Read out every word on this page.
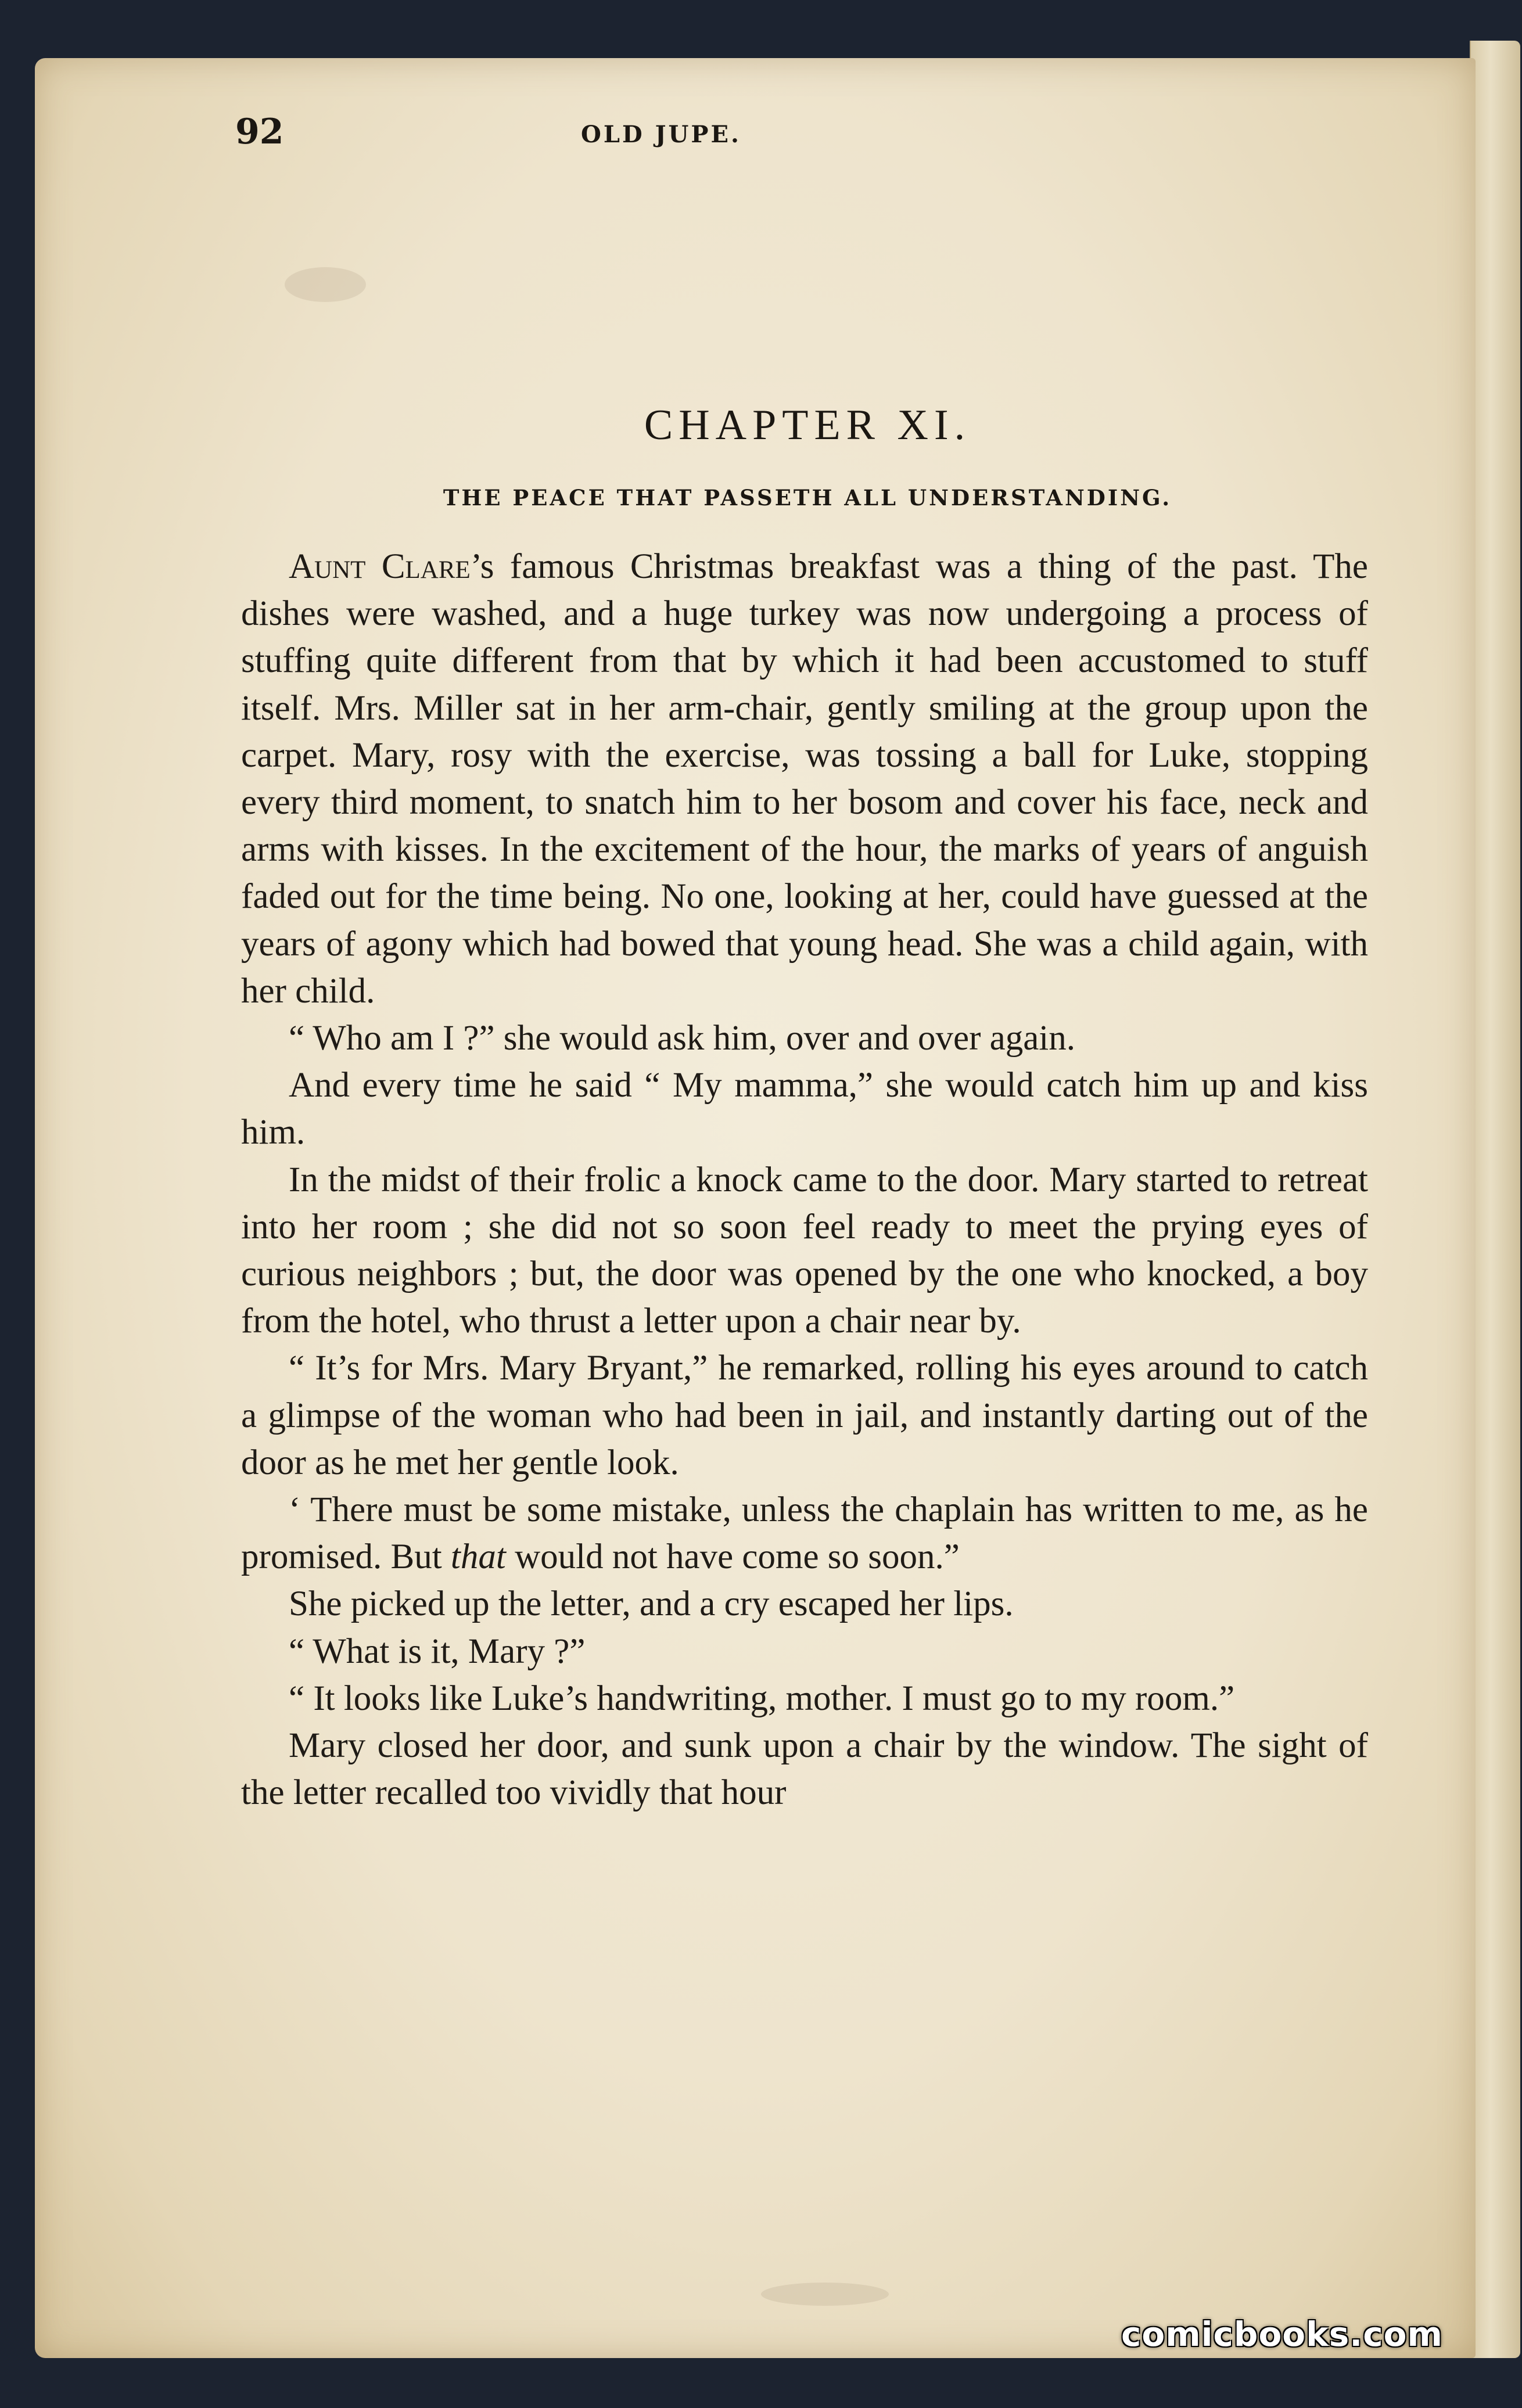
92	OLD JUPE.
CHAPTER XI.
THE PEACE THAT PASSETH ALL UNDERSTANDING.

Aunt Clare’s famous Christmas breakfast was a thing of the past. The dishes were washed, and a huge turkey was now undergoing a process of stuffing quite different from that by which it had been accustomed to stuff itself. Mrs. Miller sat in her arm-chair, gently smiling at the group upon the carpet. Mary, rosy with the exercise, was tossing a ball for Luke, stopping every third moment, to snatch him to her bosom and cover his face, neck and arms with kisses. In the excitement of the hour, the marks of years of anguish faded out for the time being. No one, looking at her, could have guessed at the years of agony which had bowed that young head. She was a child again, with her child.

“ Who am I ?” she would ask him, over and over again.

And every time he said “ My mamma,” she would catch him up and kiss him.

In the midst of their frolic a knock came to the door. Mary started to retreat into her room ; she did not so soon feel ready to meet the prying eyes of curious neighbors ; but, the door was opened by the one who knocked, a boy from the hotel, who thrust a letter upon a chair near by.

“ It’s for Mrs. Mary Bryant,” he remarked, rolling his eyes around to catch a glimpse of the woman who had been in jail, and instantly darting out of the door as he met her gentle look.

‘ There must be some mistake, unless the chaplain has written to me, as he promised. But that would not have come so soon.”

She picked up the letter, and a cry escaped her lips.

“ What is it, Mary ?”

“ It looks like Luke’s handwriting, mother. I must go to my room.”

Mary closed her door, and sunk upon a chair by the window. The sight of the letter recalled too vividly that hour

comicbooks.com
